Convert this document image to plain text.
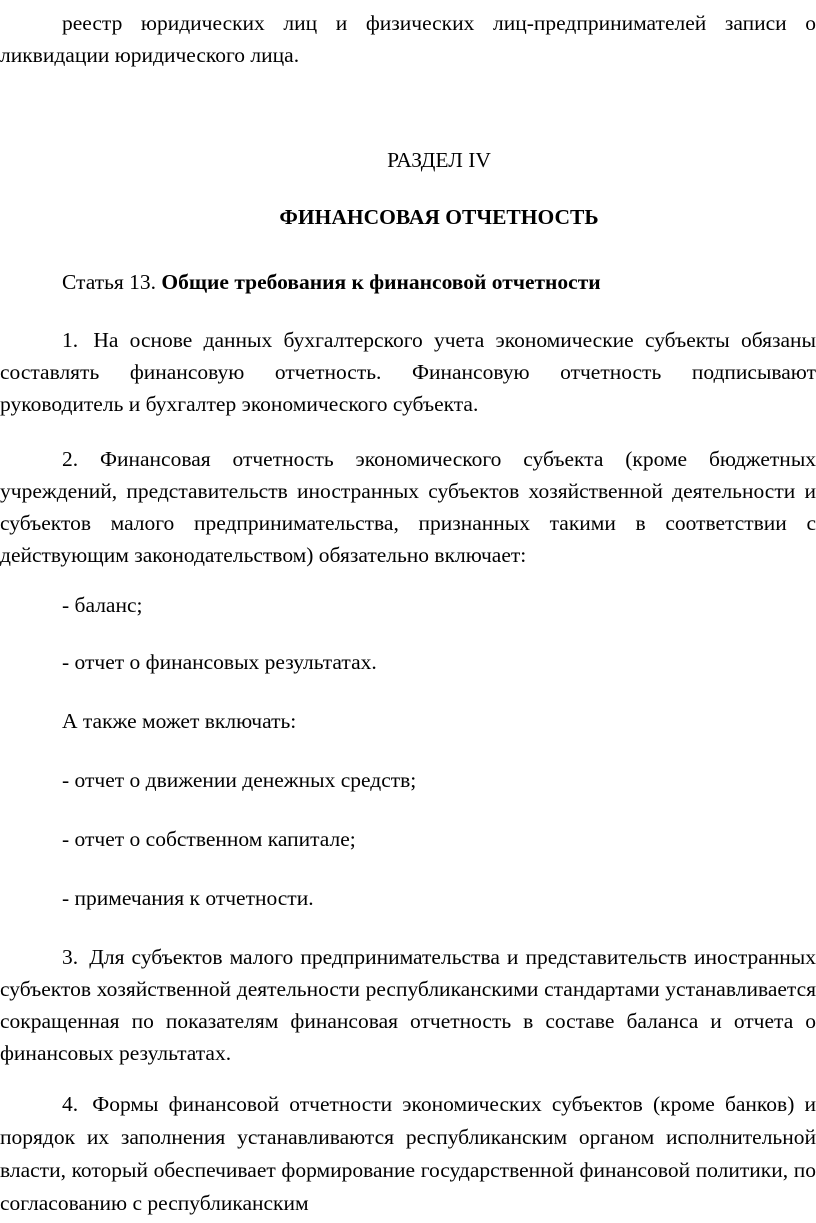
реестр юридических лиц и физических лиц-предпринимателей записи о ликвидации юридического лица.

РАЗДЕЛ IV

ФИНАНСОВАЯ ОТЧЕТНОСТЬ

Статья 13. Общие требования к финансовой отчетности

1. На основе данных бухгалтерского учета экономические субъекты обязаны составлять финансовую отчетность. Финансовую отчетность подписывают руководитель и бухгалтер экономического субъекта.

2. Финансовая отчетность экономического субъекта (кроме бюджетных учреждений, представительств иностранных субъектов хозяйственной деятельности и субъектов малого предпринимательства, признанных такими в соответствии с действующим законодательством) обязательно включает:

- баланс;

- отчет о финансовых результатах.

А также может включать:

- отчет о движении денежных средств;

- отчет о собственном капитале;

- примечания к отчетности.

3. Для субъектов малого предпринимательства и представительств иностранных субъектов хозяйственной деятельности республиканскими стандартами устанавливается сокращенная по показателям финансовая отчетность в составе баланса и отчета о финансовых результатах.

4. Формы финансовой отчетности экономических субъектов (кроме банков) и порядок их заполнения устанавливаются республиканским органом исполнительной власти, который обеспечивает формирование государственной финансовой политики, по согласованию с республиканским
